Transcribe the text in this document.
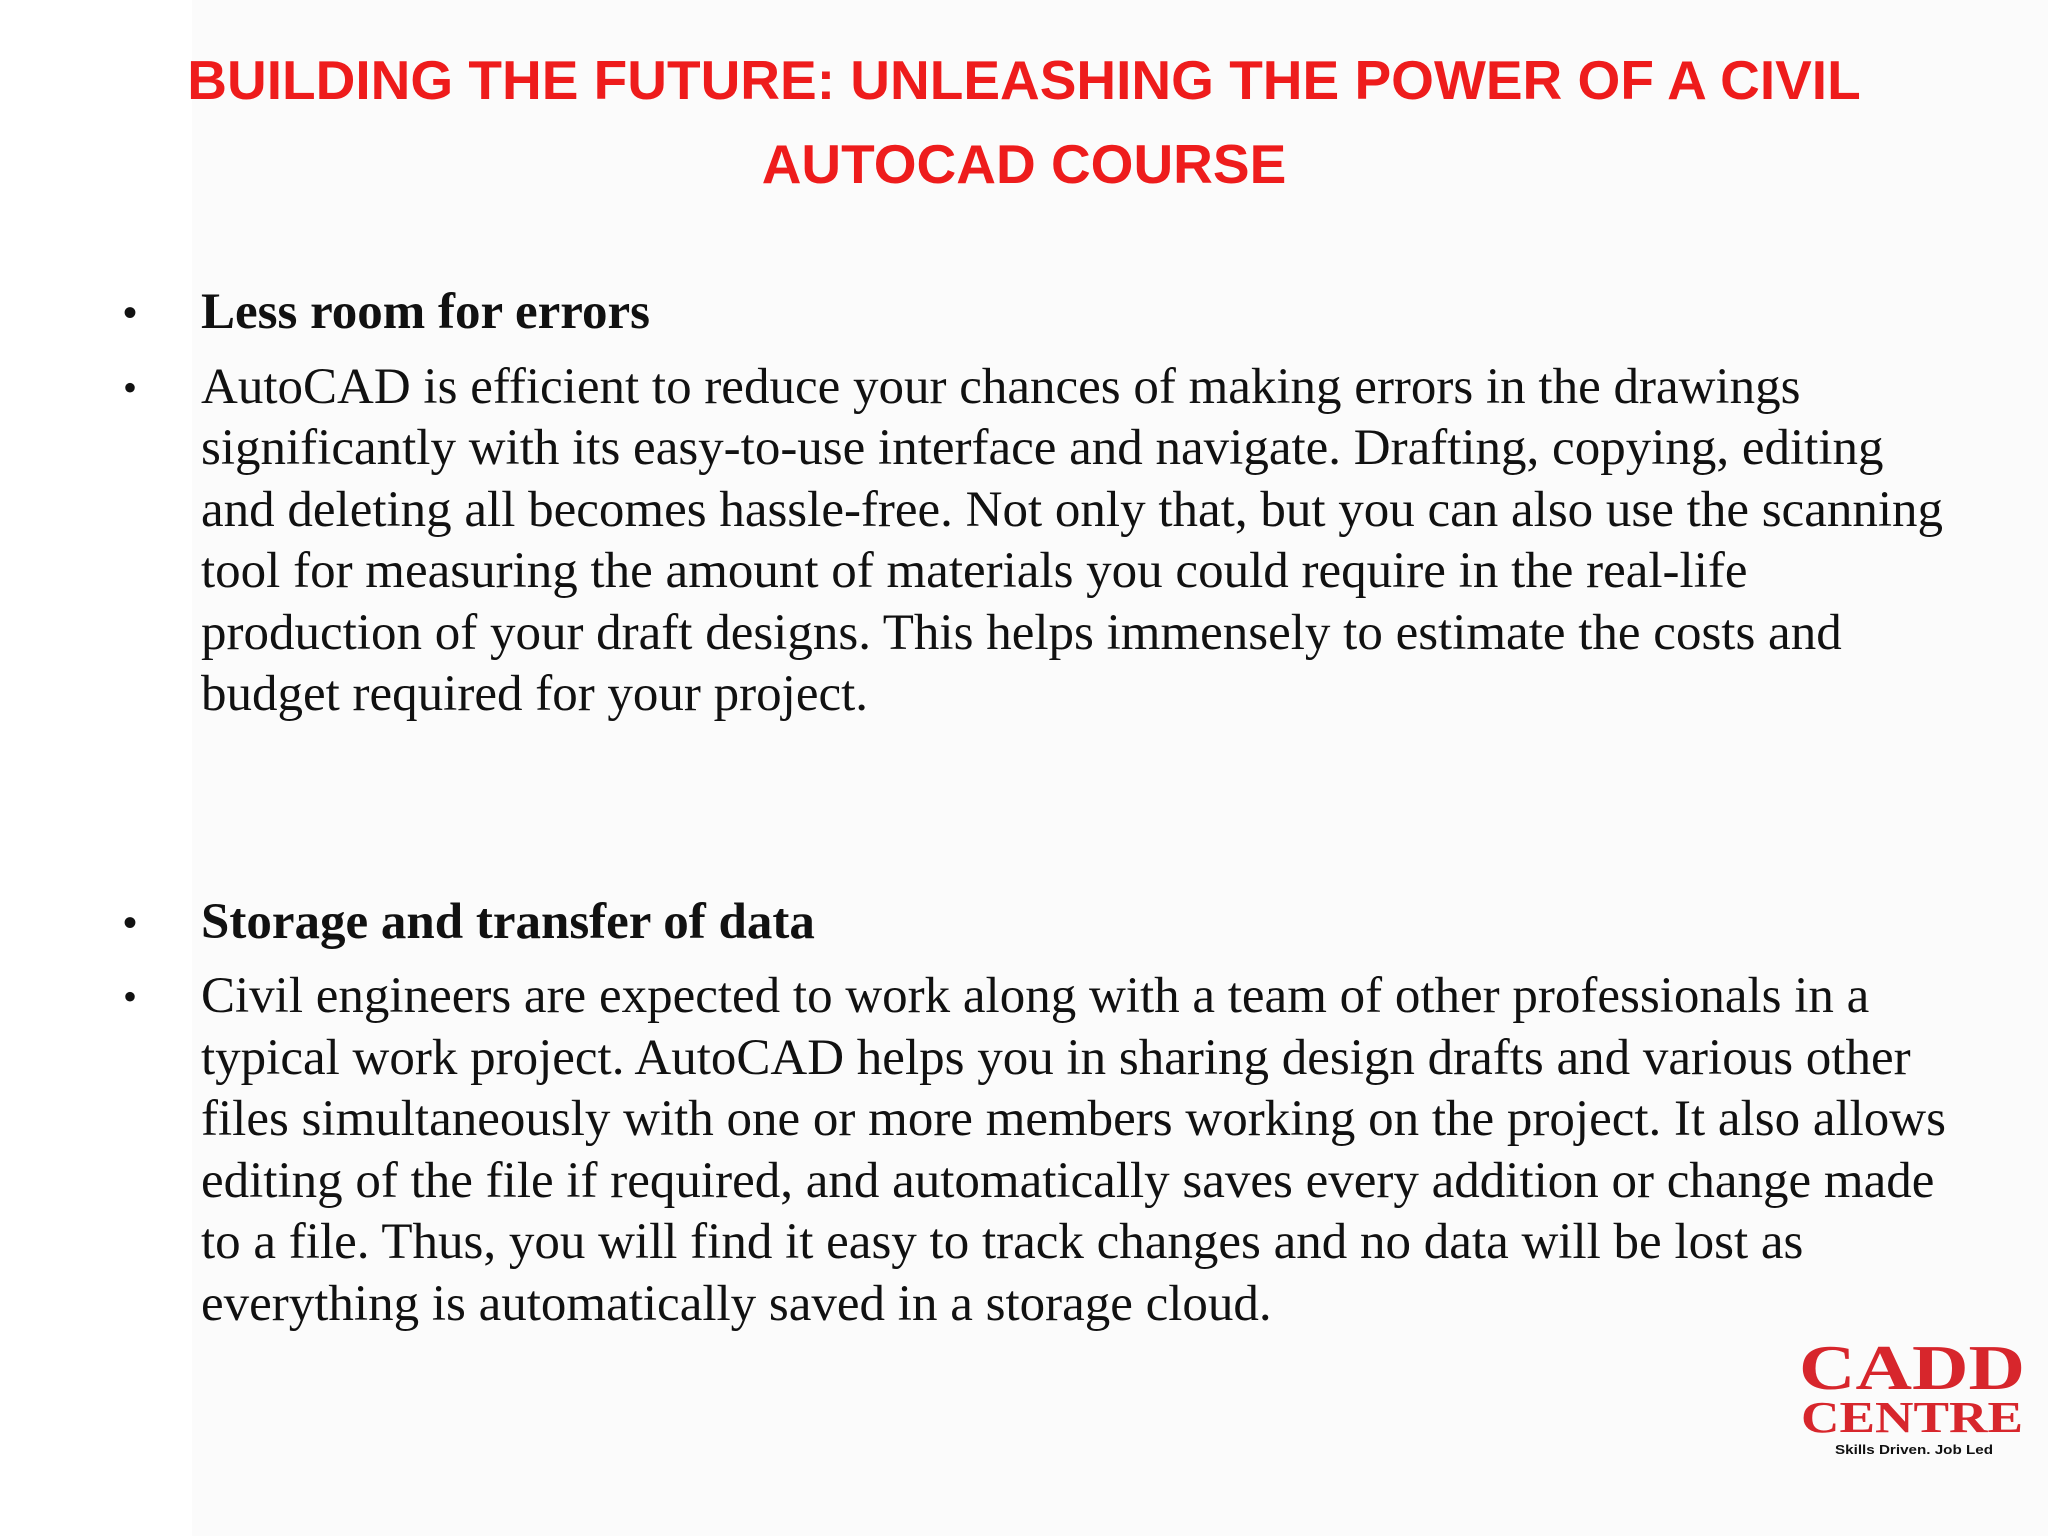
BUILDING THE FUTURE: UNLEASHING THE POWER OF A CIVIL AUTOCAD COURSE
• Less room for errors
• AutoCAD is efficient to reduce your chances of making errors in the drawings significantly with its easy-to-use interface and navigate. Drafting, copying, editing and deleting all becomes hassle-free. Not only that, but you can also use the scanning tool for measuring the amount of materials you could require in the real-life production of your draft designs. This helps immensely to estimate the costs and budget required for your project.
• Storage and transfer of data
• Civil engineers are expected to work along with a team of other professionals in a typical work project. AutoCAD helps you in sharing design drafts and various other files simultaneously with one or more members working on the project. It also allows editing of the file if required, and automatically saves every addition or change made to a file. Thus, you will find it easy to track changes and no data will be lost as everything is automatically saved in a storage cloud.
CADD
CENTRE
Skills Driven. Job Led
